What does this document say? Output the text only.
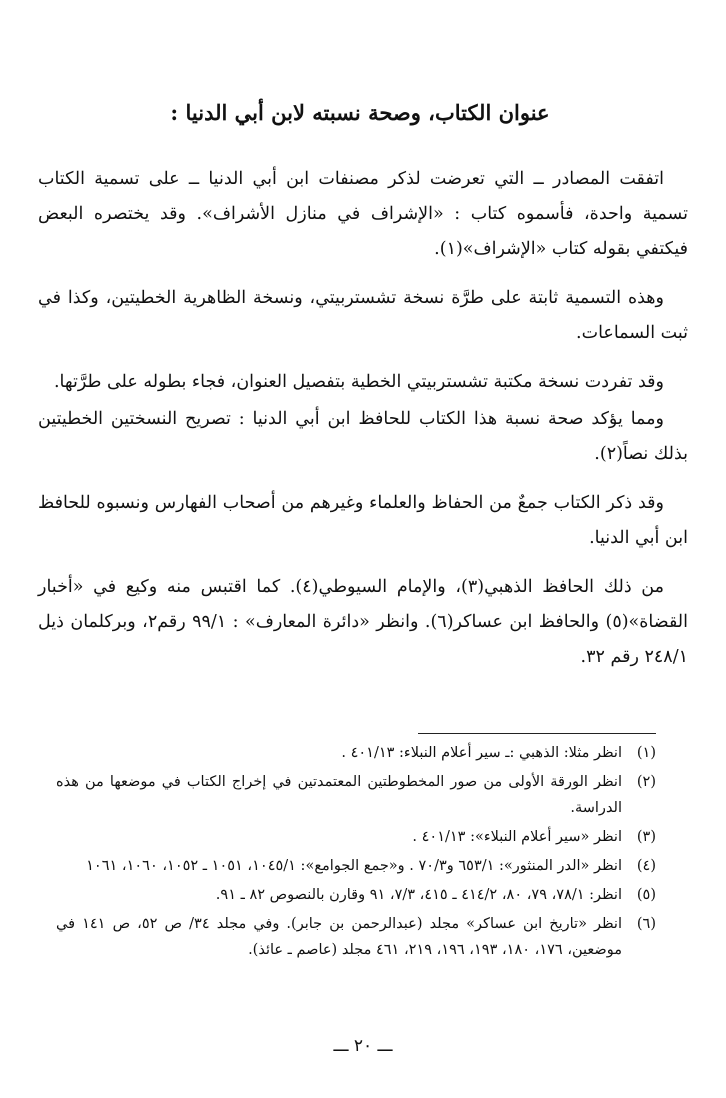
عنوان الكتاب، وصحة نسبته لابن أبي الدنيا :

اتفقت المصادر ــ التي تعرضت لذكر مصنفات ابن أبي الدنيا ــ على تسمية الكتاب تسمية واحدة، فأسموه كتاب : «الإشراف في منازل الأشراف». وقد يختصره البعض فيكتفي بقوله كتاب «الإشراف»(١).

وهذه التسمية ثابتة على طرَّة نسخة تشستربيتي، ونسخة الظاهرية الخطيتين، وكذا في ثبت السماعات.

وقد تفردت نسخة مكتبة تشستربيتي الخطية بتفصيل العنوان، فجاء بطوله على طرَّتها.

ومما يؤكد صحة نسبة هذا الكتاب للحافظ ابن أبي الدنيا : تصريح النسختين الخطيتين بذلك نصاً(٢).

وقد ذكر الكتاب جمعٌ من الحفاظ والعلماء وغيرهم من أصحاب الفهارس ونسبوه للحافظ ابن أبي الدنيا.

من ذلك الحافظ الذهبي(٣)، والإمام السيوطي(٤). كما اقتبس منه وكيع في «أخبار القضاة»(٥) والحافظ ابن عساكر(٦). وانظر «دائرة المعارف» : ٩٩/١ رقم٢، وبركلمان ذيل ٢٤٨/١ رقم ٣٢.

(١)
انظر مثلا: الذهبي :ـ سير أعلام النبلاء: ٤٠١/١٣ .
(٢)
انظر الورقة الأولى من صور المخطوطتين المعتمدتين في إخراج الكتاب في موضعها من هذه الدراسة.
(٣)
انظر «سير أعلام النبلاء»: ٤٠١/١٣ .
(٤)
انظر «الدر المنثور»: ٦٥٣/١ و٧٠/٣ . و«جمع الجوامع»: ١٠٤٥/١، ١٠٥١ ـ ١٠٥٢، ١٠٦٠، ١٠٦١
(٥)
انظر: ٧٨/١، ٧٩، ٨٠، ٤١٤/٢ ـ ٤١٥، ٧/٣، ٩١ وقارن بالنصوص ٨٢ ـ ٩١.
(٦)
انظر «تاريخ ابن عساكر» مجلد (عبدالرحمن بن جابر). وفي مجلد ٣٤/ ص ٥٢، ص ١٤١ في موضعين، ١٧٦، ١٨٠، ١٩٣، ١٩٦، ٢١٩، ٤٦١ مجلد (عاصم ـ عائذ).
ـــ ٢٠ ـــ
